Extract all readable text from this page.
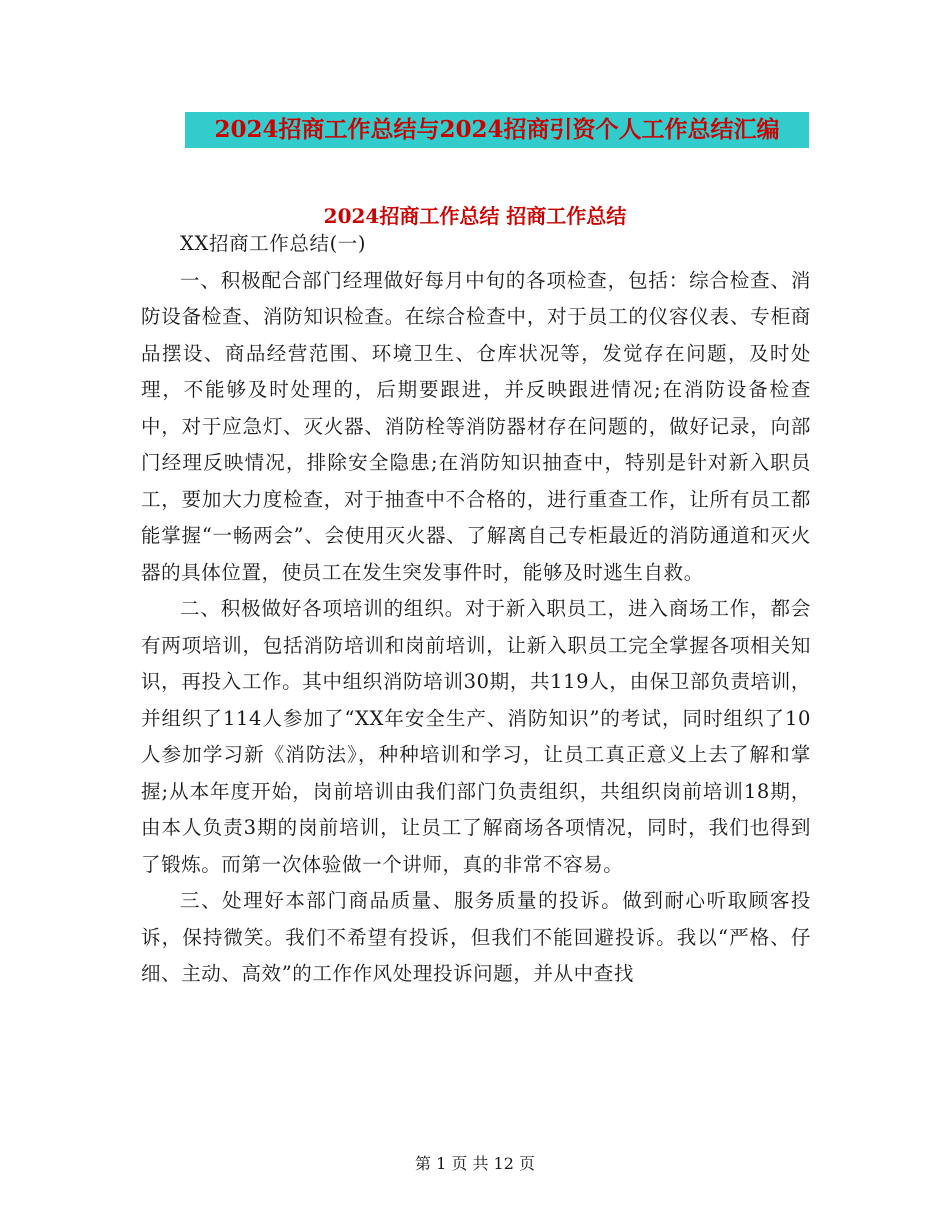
2024招商工作总结与2024招商引资个人工作总结汇编
2024招商工作总结 招商工作总结

XX招商工作总结(一)

一、积极配合部门经理做好每月中旬的各项检查，包括：综合检查、消防设备检查、消防知识检查。在综合检查中，对于员工的仪容仪表、专柜商品摆设、商品经营范围、环境卫生、仓库状况等，发觉存在问题，及时处理，不能够及时处理的，后期要跟进，并反映跟进情况;在消防设备检查中，对于应急灯、灭火器、消防栓等消防器材存在问题的，做好记录，向部门经理反映情况，排除安全隐患;在消防知识抽查中，特别是针对新入职员工，要加大力度检查，对于抽查中不合格的，进行重查工作，让所有员工都能掌握“一畅两会”、会使用灭火器、了解离自己专柜最近的消防通道和灭火器的具体位置，使员工在发生突发事件时，能够及时逃生自救。

二、积极做好各项培训的组织。对于新入职员工，进入商场工作，都会有两项培训，包括消防培训和岗前培训，让新入职员工完全掌握各项相关知识，再投入工作。其中组织消防培训30期，共119人，由保卫部负责培训，并组织了114人参加了“XX年安全生产、消防知识”的考试，同时组织了10人参加学习新《消防法》，种种培训和学习，让员工真正意义上去了解和掌握;从本年度开始，岗前培训由我们部门负责组织，共组织岗前培训18期，由本人负责3期的岗前培训，让员工了解商场各项情况，同时，我们也得到了锻炼。而第一次体验做一个讲师，真的非常不容易。

三、处理好本部门商品质量、服务质量的投诉。做到耐心听取顾客投诉，保持微笑。我们不希望有投诉，但我们不能回避投诉。我以“严格、仔细、主动、高效”的工作作风处理投诉问题，并从中查找

第 1 页 共 12 页
